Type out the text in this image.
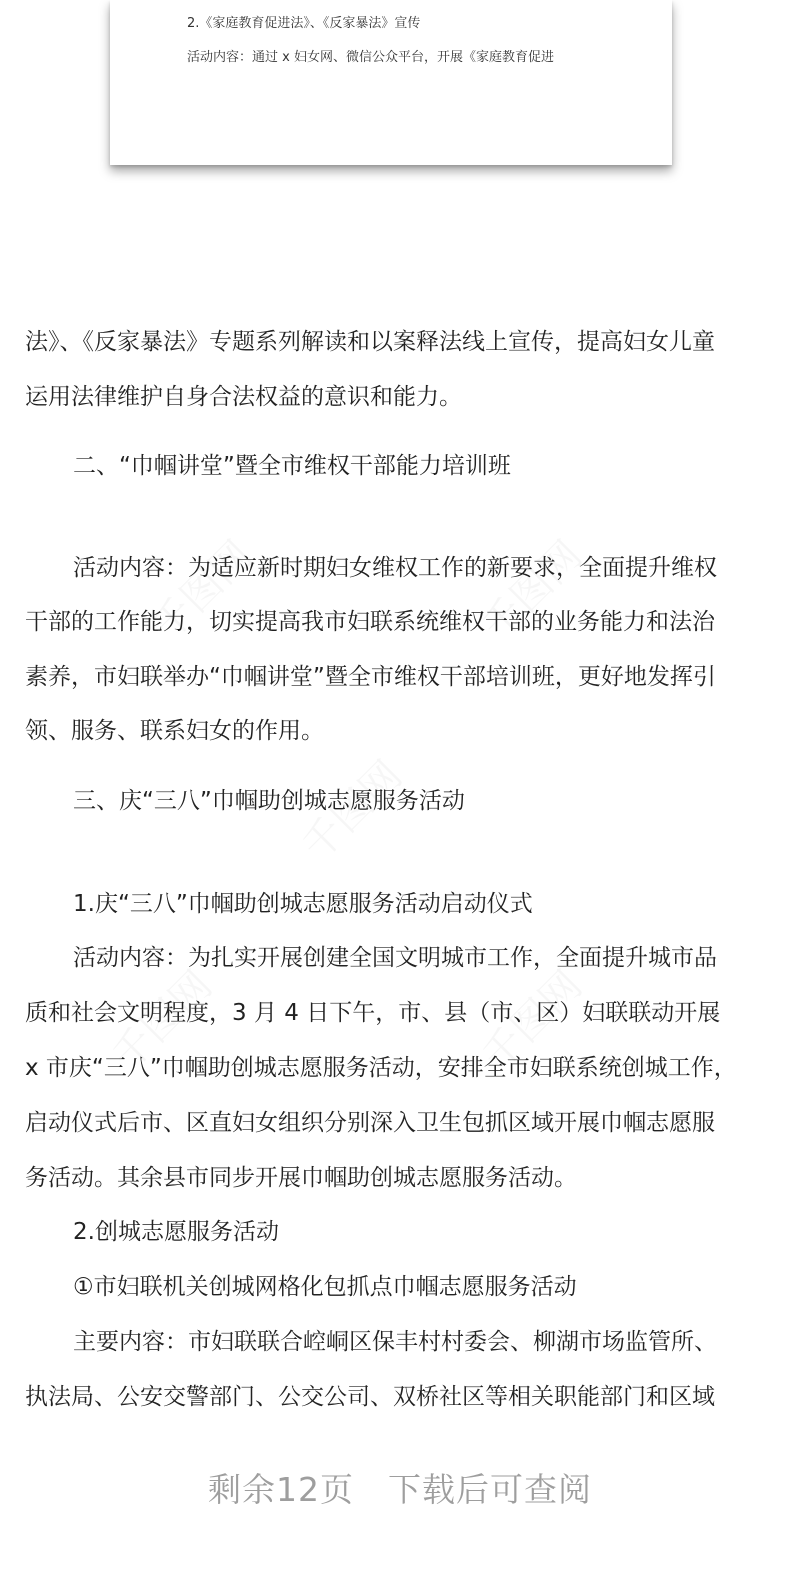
2.《家庭教育促进法》、《反家暴法》宣传
活动内容：通过 x 妇女网、微信公众平台，开展《家庭教育促进
法》、《反家暴法》专题系列解读和以案释法线上宣传，提高妇女儿童
运用法律维护自身合法权益的意识和能力。
二、“巾帼讲堂”暨全市维权干部能力培训班
活动内容：为适应新时期妇女维权工作的新要求，全面提升维权
干部的工作能力，切实提高我市妇联系统维权干部的业务能力和法治
素养，市妇联举办“巾帼讲堂”暨全市维权干部培训班，更好地发挥引
领、服务、联系妇女的作用。
三、庆“三八”巾帼助创城志愿服务活动
1.庆“三八”巾帼助创城志愿服务活动启动仪式
活动内容：为扎实开展创建全国文明城市工作，全面提升城市品
质和社会文明程度，3 月 4 日下午，市、县（市、区）妇联联动开展
x 市庆“三八”巾帼助创城志愿服务活动，安排全市妇联系统创城工作，
启动仪式后市、区直妇女组织分别深入卫生包抓区域开展巾帼志愿服
务活动。其余县市同步开展巾帼助创城志愿服务活动。
2.创城志愿服务活动
①市妇联机关创城网格化包抓点巾帼志愿服务活动
主要内容：市妇联联合崆峒区保丰村村委会、柳湖市场监管所、
执法局、公安交警部门、公交公司、双桥社区等相关职能部门和区域
剩余12页　下载后可查阅
